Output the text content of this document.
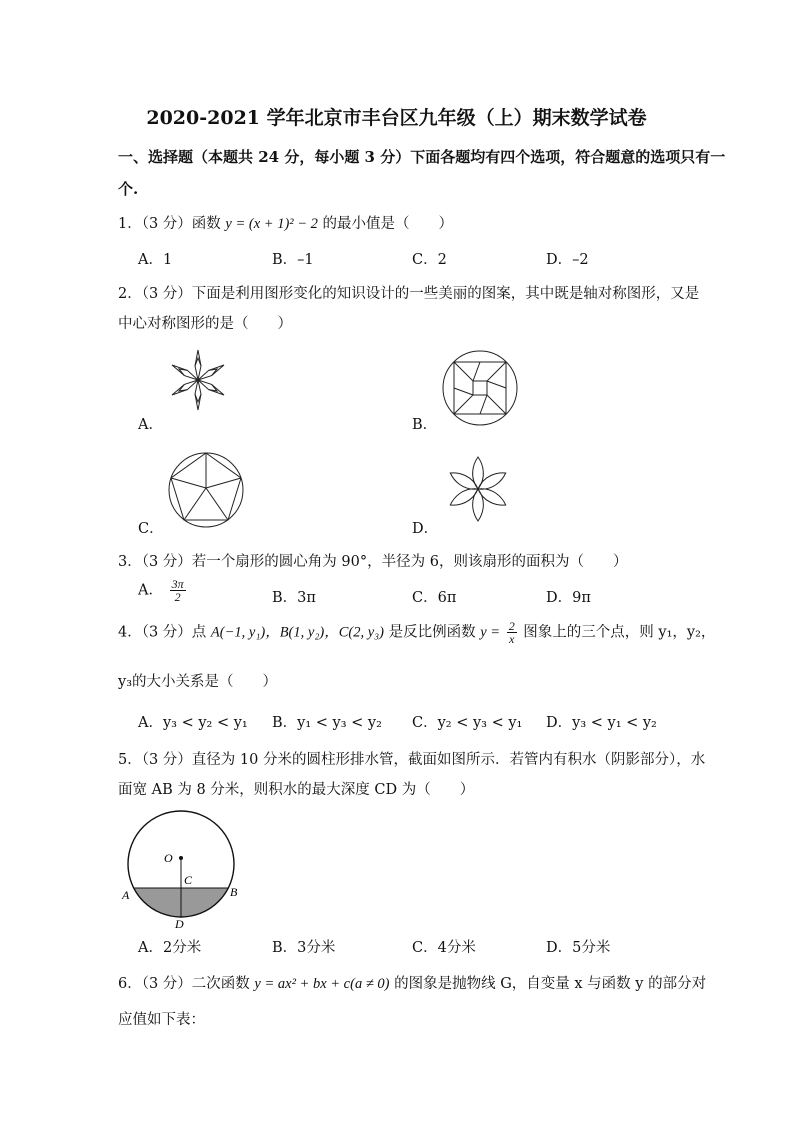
2020-2021 学年北京市丰台区九年级（上）期末数学试卷
一、选择题（本题共 24 分，每小题 3 分）下面各题均有四个选项，符合题意的选项只有一
个.
1．（3 分）函数 y = (x + 1)² − 2 的最小值是（　　）
A．1	B．–1	C．2	D．–2
2．（3 分）下面是利用图形变化的知识设计的一些美丽的图案，其中既是轴对称图形，又是
中心对称图形的是（　　）
A．	B．
C．	D．
3．（3 分）若一个扇形的圆心角为 90°，半径为 6，则该扇形的面积为（　　）
A． $\frac{3\pi}{2}$	B．3π	C．6π	D．9π
4．（3 分）点 A(−1, y₁)，B(1, y₂)，C(2, y₃) 是反比例函数 $y = \frac{2}{x}$ 图象上的三个点，则 y₁，y₂，
y₃的大小关系是（　　）
A．y₃ < y₂ < y₁ B．y₁ < y₃ < y₂ C．y₂ < y₃ < y₁ D．y₃ < y₁ < y₂
5．（3 分）直径为 10 分米的圆柱形排水管，截面如图所示．若管内有积水（阴影部分），水
面宽 AB 为 8 分米，则积水的最大深度 CD 为（　　）
O
C
A	B
D
A．2分米	B．3分米	C．4分米	D．5分米
6．（3 分）二次函数 y = ax² + bx + c(a ≠ 0) 的图象是抛物线 G，自变量 x 与函数 y 的部分对
应值如下表：
